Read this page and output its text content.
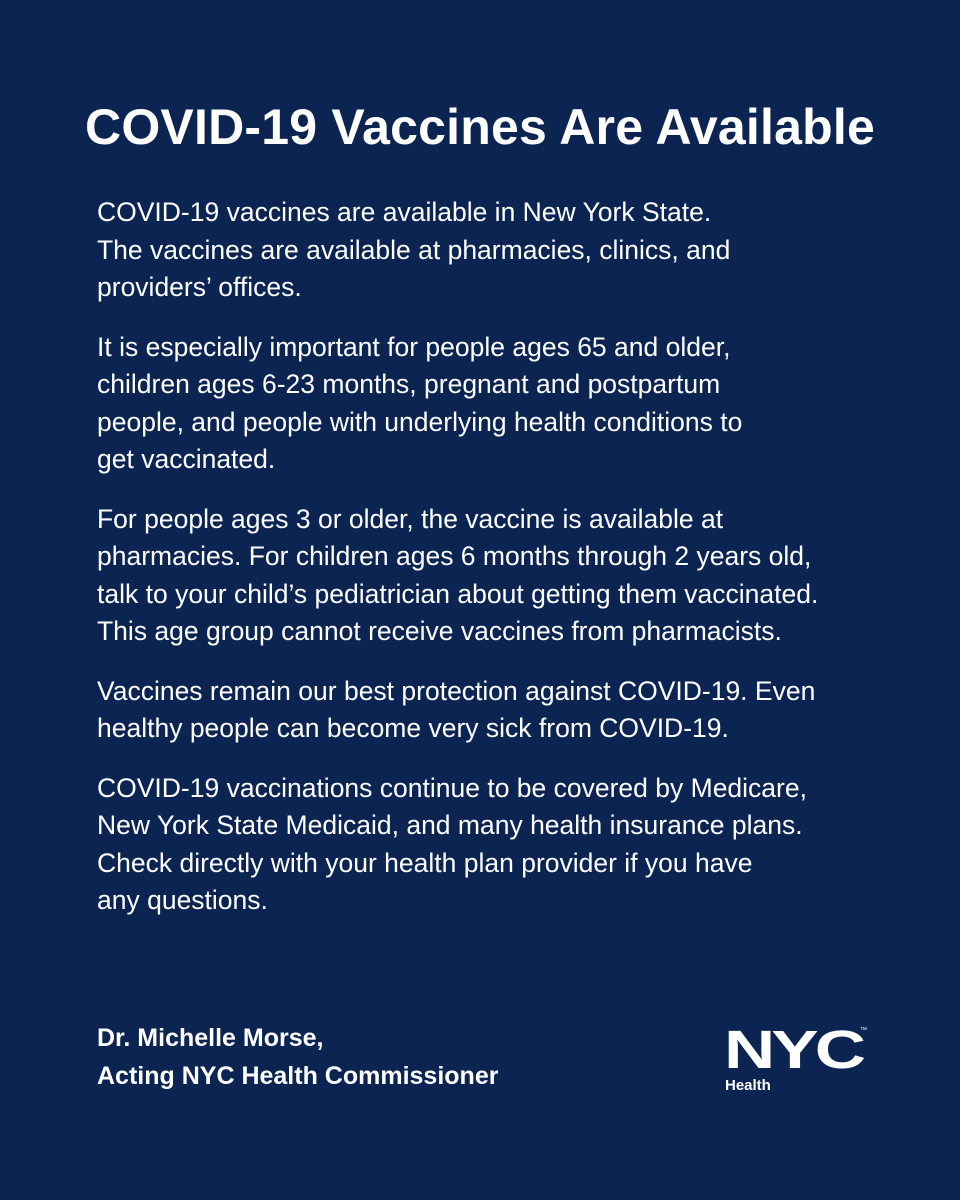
COVID-19 Vaccines Are Available

COVID-19 vaccines are available in New York State.
The vaccines are available at pharmacies, clinics, and
providers’ offices.

It is especially important for people ages 65 and older,
children ages 6-23 months, pregnant and postpartum
people, and people with underlying health conditions to
get vaccinated.

For people ages 3 or older, the vaccine is available at
pharmacies. For children ages 6 months through 2 years old,
talk to your child’s pediatrician about getting them vaccinated.
This age group cannot receive vaccines from pharmacists.

Vaccines remain our best protection against COVID-19. Even
healthy people can become very sick from COVID-19.

COVID-19 vaccinations continue to be covered by Medicare,
New York State Medicaid, and many health insurance plans.
Check directly with your health plan provider if you have
any questions.

Dr. Michelle Morse,
Acting NYC Health Commissioner	NYC
™
Health
